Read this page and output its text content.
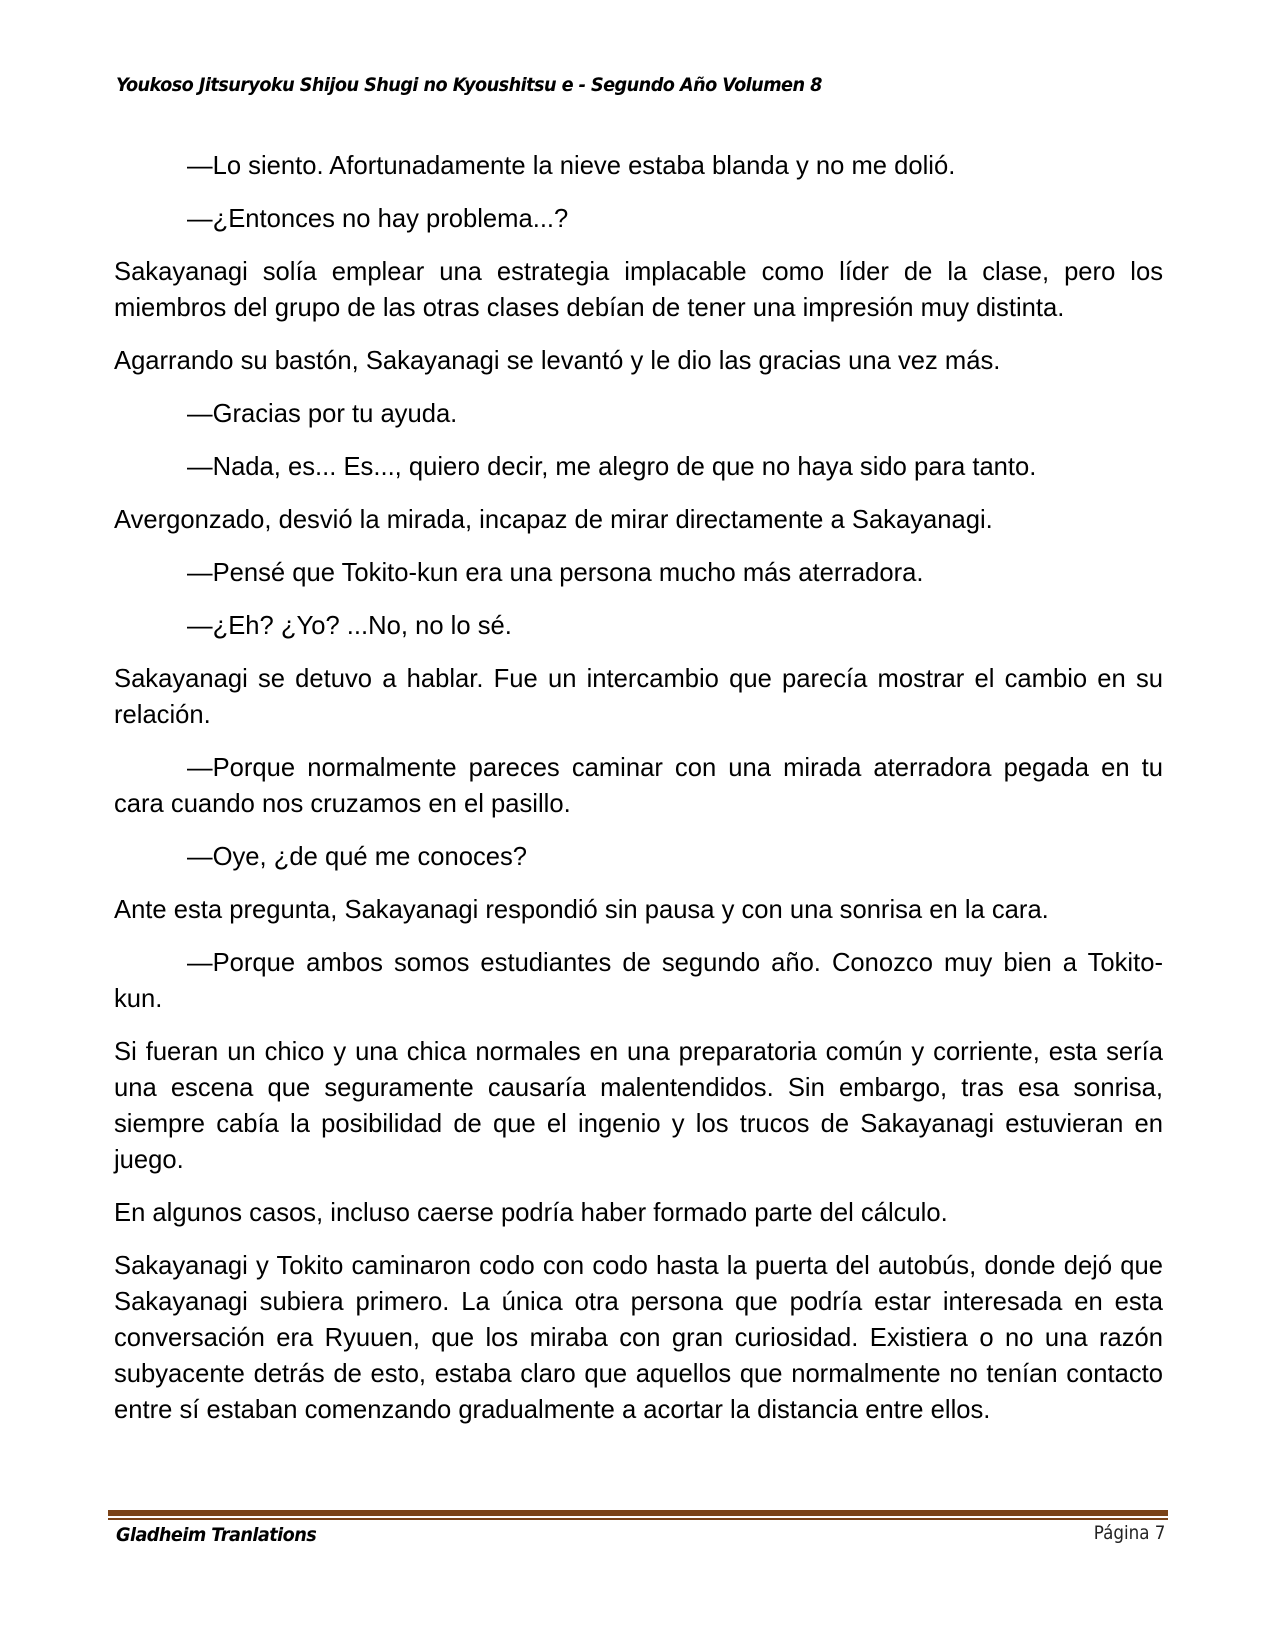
Youkoso Jitsuryoku Shijou Shugi no Kyoushitsu e - Segundo Año Volumen 8

—Lo siento. Afortunadamente la nieve estaba blanda y no me dolió.

—¿Entonces no hay problema...?

Sakayanagi solía emplear una estrategia implacable como líder de la clase, pero los miembros del grupo de las otras clases debían de tener una impresión muy distinta.

Agarrando su bastón, Sakayanagi se levantó y le dio las gracias una vez más.

—Gracias por tu ayuda.

—Nada, es... Es..., quiero decir, me alegro de que no haya sido para tanto.

Avergonzado, desvió la mirada, incapaz de mirar directamente a Sakayanagi.

—Pensé que Tokito-kun era una persona mucho más aterradora.

—¿Eh? ¿Yo? ...No, no lo sé.

Sakayanagi se detuvo a hablar. Fue un intercambio que parecía mostrar el cambio en su relación.

—Porque normalmente pareces caminar con una mirada aterradora pegada en tu cara cuando nos cruzamos en el pasillo.

—Oye, ¿de qué me conoces?

Ante esta pregunta, Sakayanagi respondió sin pausa y con una sonrisa en la cara.

—Porque ambos somos estudiantes de segundo año. Conozco muy bien a Tokito-kun.

Si fueran un chico y una chica normales en una preparatoria común y corriente, esta sería una escena que seguramente causaría malentendidos. Sin embargo, tras esa sonrisa, siempre cabía la posibilidad de que el ingenio y los trucos de Sakayanagi estuvieran en juego.

En algunos casos, incluso caerse podría haber formado parte del cálculo.

Sakayanagi y Tokito caminaron codo con codo hasta la puerta del autobús, donde dejó que Sakayanagi subiera primero. La única otra persona que podría estar interesada en esta conversación era Ryuuen, que los miraba con gran curiosidad. Existiera o no una razón subyacente detrás de esto, estaba claro que aquellos que normalmente no tenían contacto entre sí estaban comenzando gradualmente a acortar la distancia entre ellos.

Gladheim Tranlations	Página 7
